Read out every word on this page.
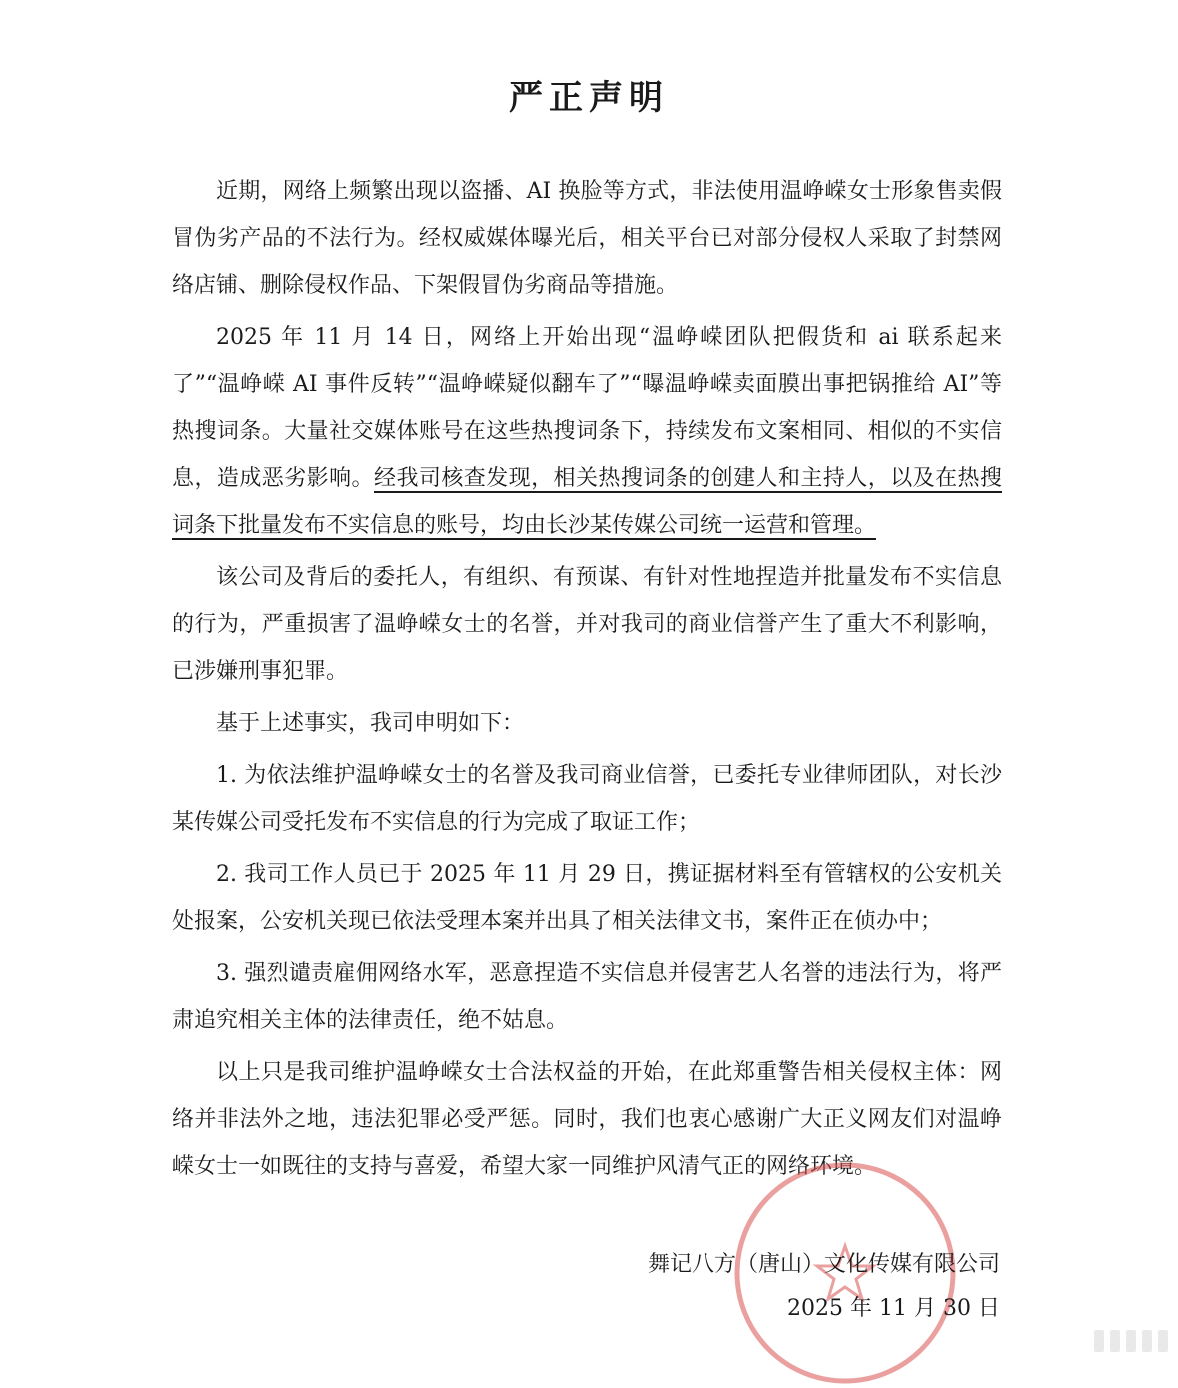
严正声明

近期，网络上频繁出现以盗播、AI 换脸等方式，非法使用温峥嵘女士形象售卖假冒伪劣产品的不法行为。经权威媒体曝光后，相关平台已对部分侵权人采取了封禁网络店铺、删除侵权作品、下架假冒伪劣商品等措施。

2025 年 11 月 14 日，网络上开始出现“温峥嵘团队把假货和 ai 联系起来了”“温峥嵘 AI 事件反转”“温峥嵘疑似翻车了”“曝温峥嵘卖面膜出事把锅推给 AI”等热搜词条。大量社交媒体账号在这些热搜词条下，持续发布文案相同、相似的不实信息，造成恶劣影响。经我司核查发现，相关热搜词条的创建人和主持人，以及在热搜词条下批量发布不实信息的账号，均由长沙某传媒公司统一运营和管理。

该公司及背后的委托人，有组织、有预谋、有针对性地捏造并批量发布不实信息的行为，严重损害了温峥嵘女士的名誉，并对我司的商业信誉产生了重大不利影响，已涉嫌刑事犯罪。

基于上述事实，我司申明如下：

1. 为依法维护温峥嵘女士的名誉及我司商业信誉，已委托专业律师团队，对长沙某传媒公司受托发布不实信息的行为完成了取证工作；

2. 我司工作人员已于 2025 年 11 月 29 日，携证据材料至有管辖权的公安机关处报案，公安机关现已依法受理本案并出具了相关法律文书，案件正在侦办中；

3. 强烈谴责雇佣网络水军，恶意捏造不实信息并侵害艺人名誉的违法行为，将严肃追究相关主体的法律责任，绝不姑息。

以上只是我司维护温峥嵘女士合法权益的开始，在此郑重警告相关侵权主体：网络并非法外之地，违法犯罪必受严惩。同时，我们也衷心感谢广大正义网友们对温峥嵘女士一如既往的支持与喜爱，希望大家一同维护风清气正的网络环境。

舞记八方（唐山）文化传媒有限公司
2025 年 11 月 30 日
